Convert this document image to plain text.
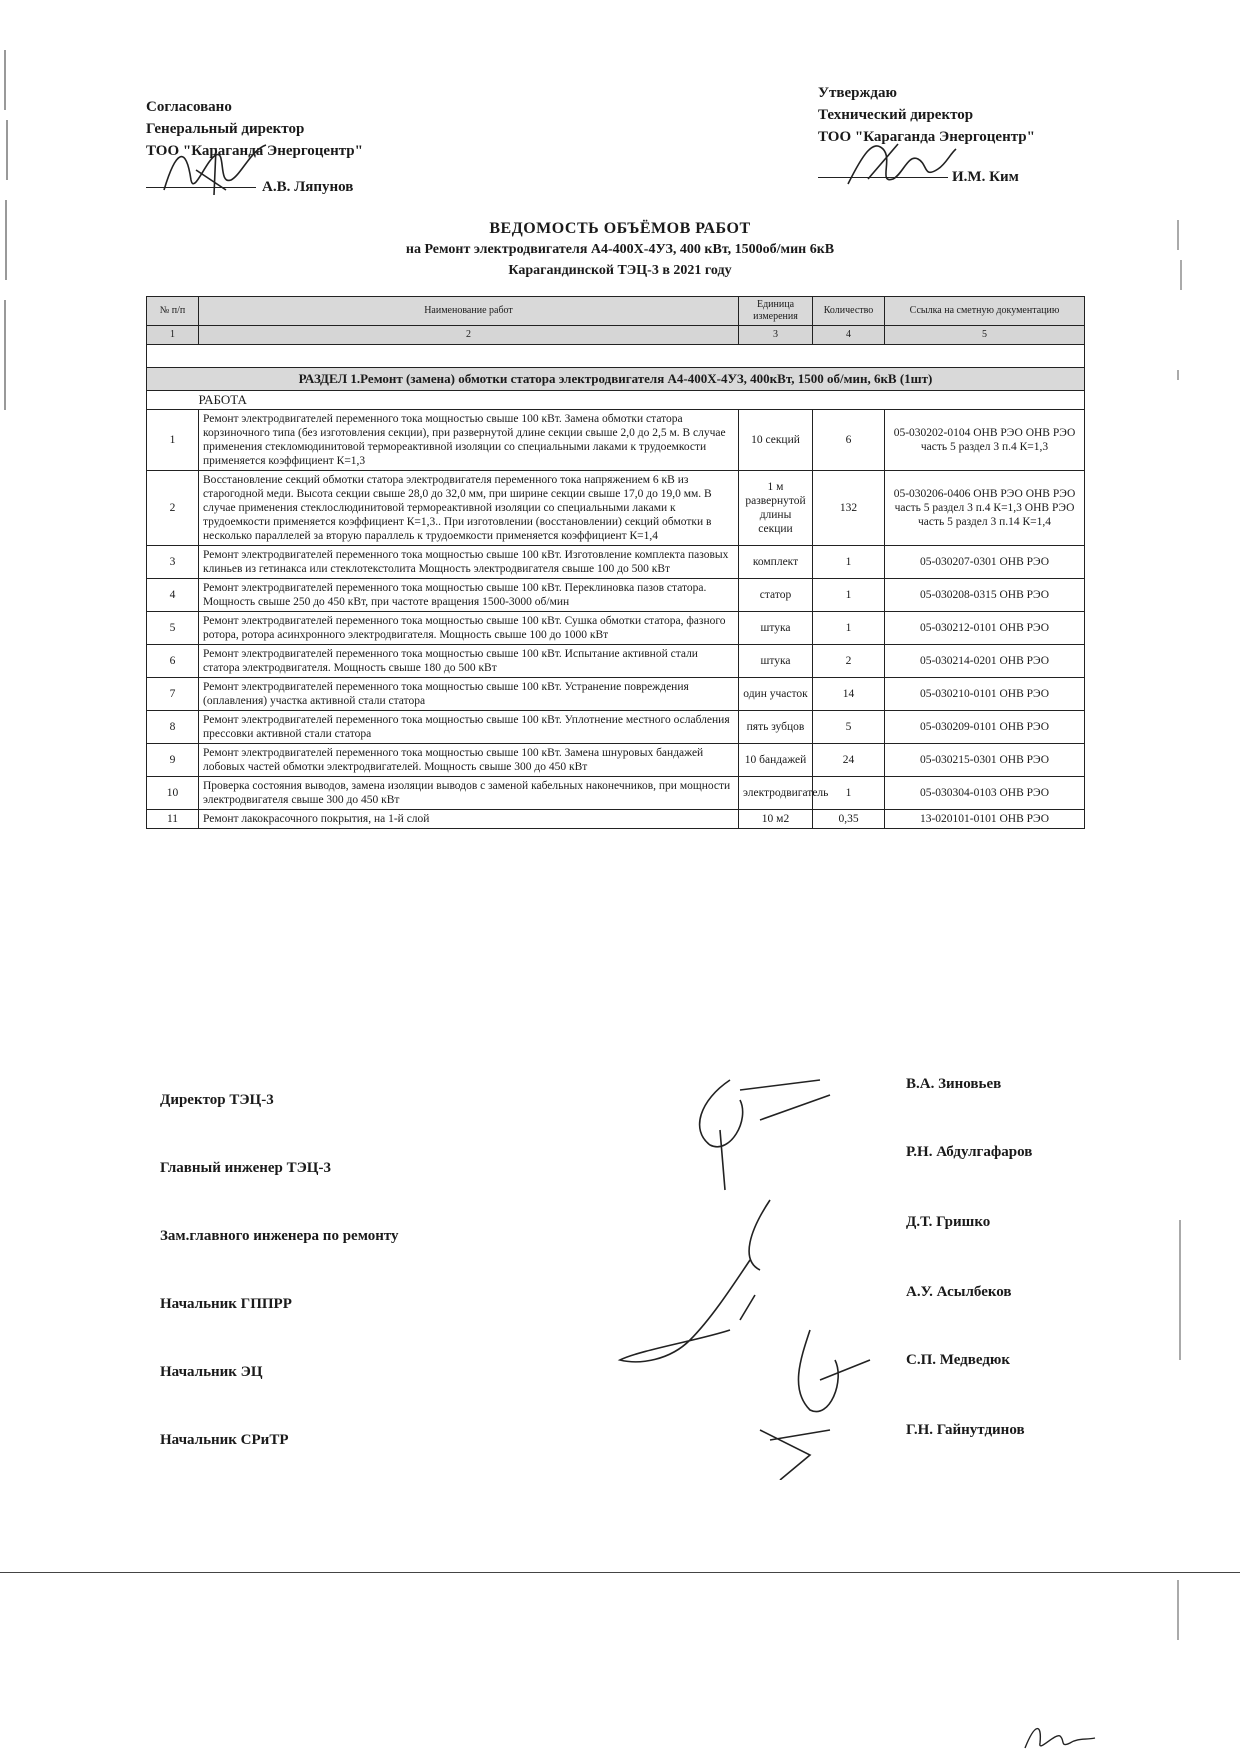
Согласовано
Генеральный директор
ТОО "Караганда Энергоцентр"
А.В. Ляпунов
Утверждаю
Технический директор
ТОО "Караганда Энергоцентр"
И.М. Ким
ВЕДОМОСТЬ ОБЪЁМОВ РАБОТ
на Ремонт электродвигателя А4-400Х-4УЗ, 400 кВт, 1500об/мин 6кВ
Карагандинской ТЭЦ-3 в 2021 году
№ п/п	Наименование работ	Единица измерения	Количество	Ссылка на сметную документацию
1	2	3	4	5

РАЗДЕЛ 1.Ремонт (замена) обмотки статора электродвигателя А4-400Х-4УЗ, 400кВт, 1500 об/мин, 6кВ (1шт)				
	РАБОТА			
1	Ремонт электродвигателей переменного тока мощностью свыше 100 кВт. Замена обмотки статора корзиночного типа (без изготовления секции), при развернутой длине секции свыше 2,0 до 2,5 м. В случае применения стекломюдинитовой термореактивной изоляции со специальными лаками к трудоемкости применяется коэффициент К=1,3	10 секций	6	05-030202-0104 ОНВ РЭО ОНВ РЭО часть 5 раздел 3 п.4 К=1,3
2	Восстановление секций обмотки статора электродвигателя переменного тока напряжением 6 кВ из старогодной меди. Высота секции свыше 28,0 до 32,0 мм, при ширине секции свыше 17,0 до 19,0 мм. В случае применения стеклослюдинитовой термореактивной изоляции со специальными лаками к трудоемкости применяется коэффициент К=1,3.. При изготовлении (восстановлении) секций обмотки в несколько параллелей за вторую параллель к трудоемкости применяется коэффициент К=1,4	1 м развернутой длины секции	132	05-030206-0406 ОНВ РЭО ОНВ РЭО часть 5 раздел 3 п.4 К=1,3 ОНВ РЭО часть 5 раздел 3 п.14 К=1,4
3	Ремонт электродвигателей переменного тока мощностью свыше 100 кВт. Изготовление комплекта пазовых клиньев из гетинакса или стеклотекстолита Мощность электродвигателя свыше 100 до 500 кВт	комплект	1	05-030207-0301 ОНВ РЭО
4	Ремонт электродвигателей переменного тока мощностью свыше 100 кВт. Переклиновка пазов статора. Мощность свыше 250 до 450 кВт, при частоте вращения 1500-3000 об/мин	статор	1	05-030208-0315 ОНВ РЭО
5	Ремонт электродвигателей переменного тока мощностью свыше 100 кВт. Сушка обмотки статора, фазного ротора, ротора асинхронного электродвигателя. Мощность свыше 100 до 1000 кВт	штука	1	05-030212-0101 ОНВ РЭО
6	Ремонт электродвигателей переменного тока мощностью свыше 100 кВт. Испытание активной стали статора электродвигателя. Мощность свыше 180 до 500 кВт	штука	2	05-030214-0201 ОНВ РЭО
7	Ремонт электродвигателей переменного тока мощностью свыше 100 кВт. Устранение повреждения (оплавления) участка активной стали статора	один участок	14	05-030210-0101 ОНВ РЭО
8	Ремонт электродвигателей переменного тока мощностью свыше 100 кВт. Уплотнение местного ослабления прессовки активной стали статора	пять зубцов	5	05-030209-0101 ОНВ РЭО
9	Ремонт электродвигателей переменного тока мощностью свыше 100 кВт. Замена шнуровых бандажей лобовых частей обмотки электродвигателей. Мощность свыше 300 до 450 кВт	10 бандажей	24	05-030215-0301 ОНВ РЭО
10	Проверка состояния выводов, замена изоляции выводов с заменой кабельных наконечников, при мощности электродвигателя свыше 300 до 450 кВт	электродвигатель	1	05-030304-0103 ОНВ РЭО
11	Ремонт лакокрасочного покрытия, на 1-й слой	10 м2	0,35	13-020101-0101 ОНВ РЭО
Директор ТЭЦ-3
В.А. Зиновьев
Главный инженер ТЭЦ-3
Р.Н. Абдулгафаров
Зам.главного инженера по ремонту
Д.Т. Гришко
Начальник ГППРР
А.У. Асылбеков
Начальник ЭЦ
С.П. Медведюк
Начальник СРиТР
Г.Н. Гайнутдинов
